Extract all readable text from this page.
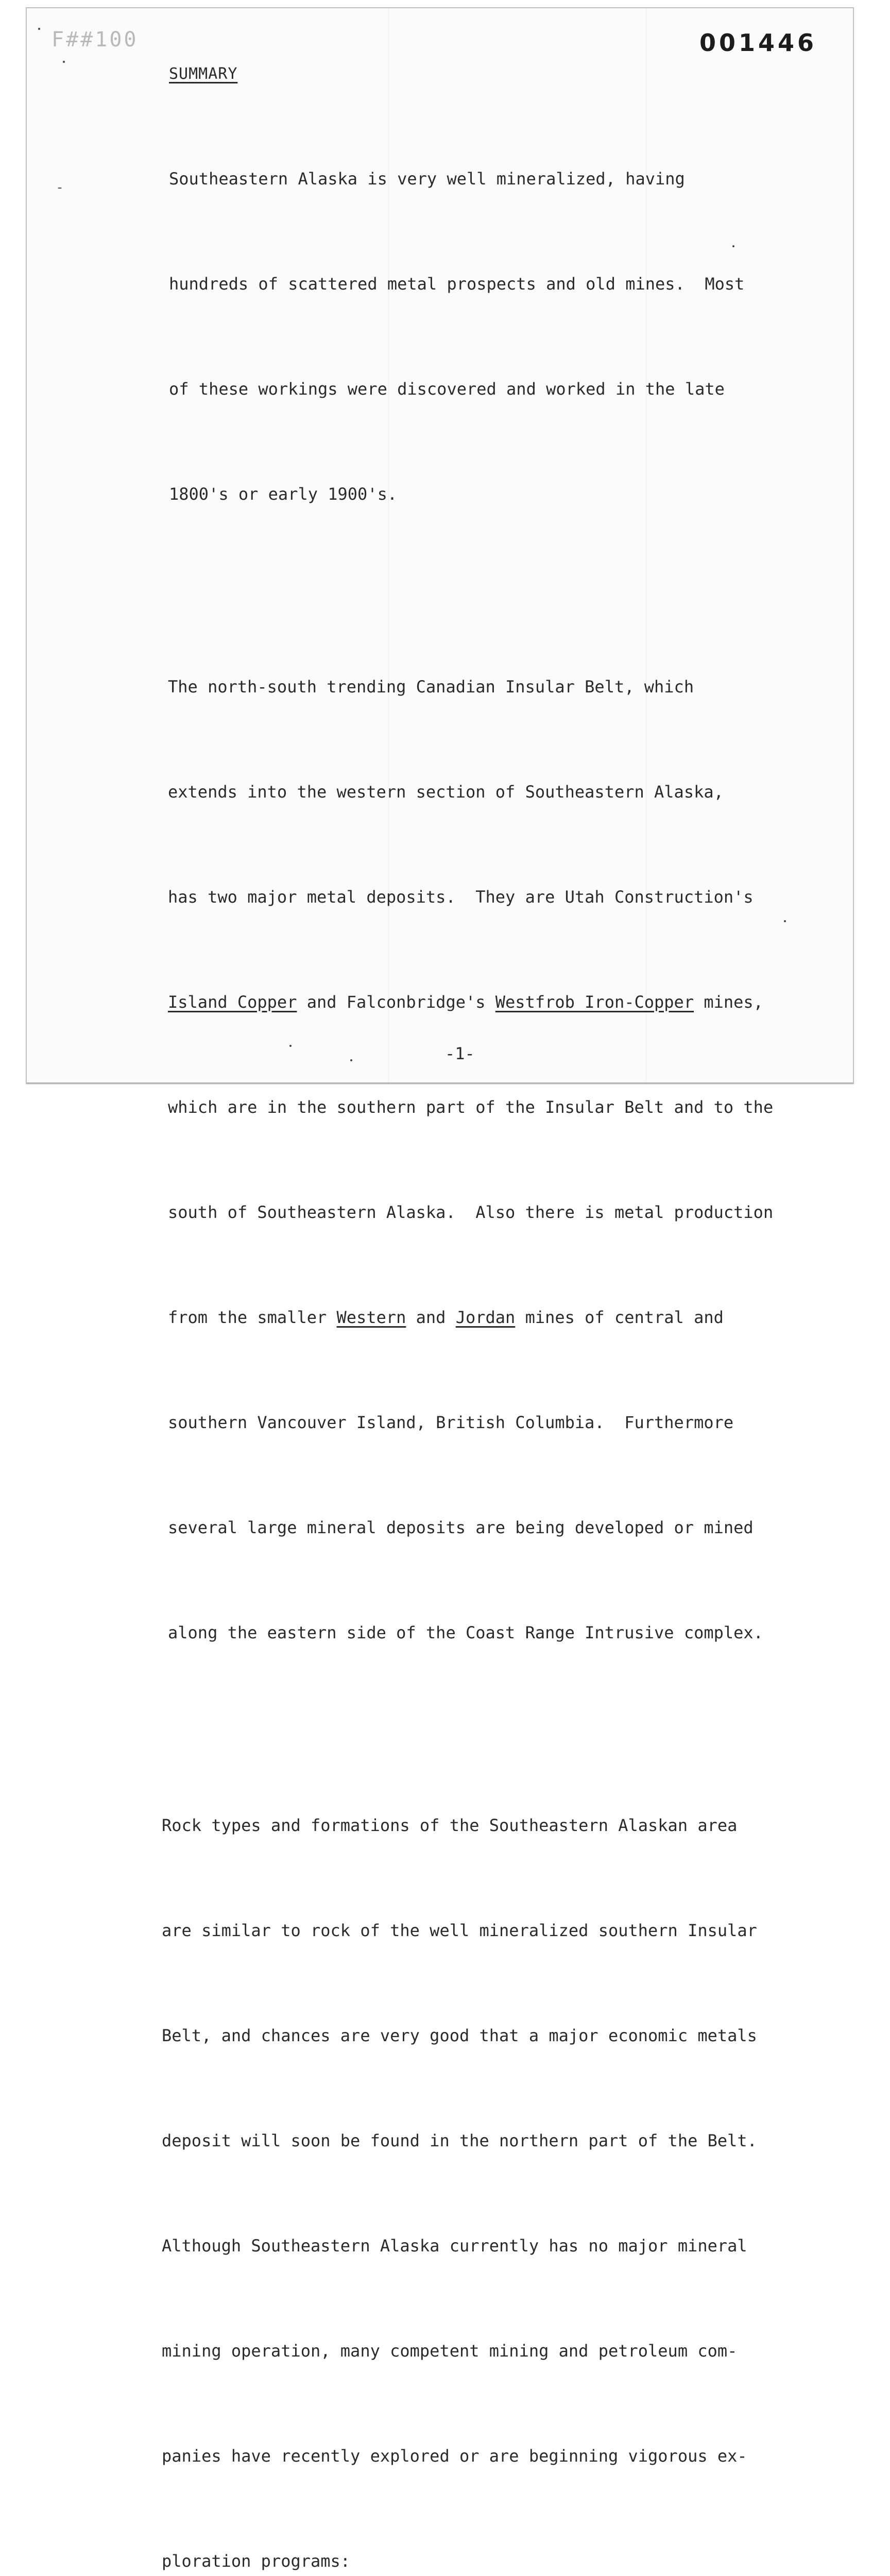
F##100	001446
SUMMARY

Southeastern Alaska is very well mineralized, having

hundreds of scattered metal prospects and old mines.  Most

of these workings were discovered and worked in the late

1800's or early 1900's.

The north-south trending Canadian Insular Belt, which

extends into the western section of Southeastern Alaska,

has two major metal deposits.  They are Utah Construction's

Island Copper and Falconbridge's Westfrob Iron-Copper mines,

which are in the southern part of the Insular Belt and to the

south of Southeastern Alaska.  Also there is metal production

from the smaller Western and Jordan mines of central and

southern Vancouver Island, British Columbia.  Furthermore

several large mineral deposits are being developed or mined

along the eastern side of the Coast Range Intrusive complex.

Rock types and formations of the Southeastern Alaskan area

are similar to rock of the well mineralized southern Insular

Belt, and chances are very good that a major economic metals

deposit will soon be found in the northern part of the Belt.

Although Southeastern Alaska currently has no major mineral

mining operation, many competent mining and petroleum com-

panies have recently explored or are beginning vigorous ex-

ploration programs:

-1-
